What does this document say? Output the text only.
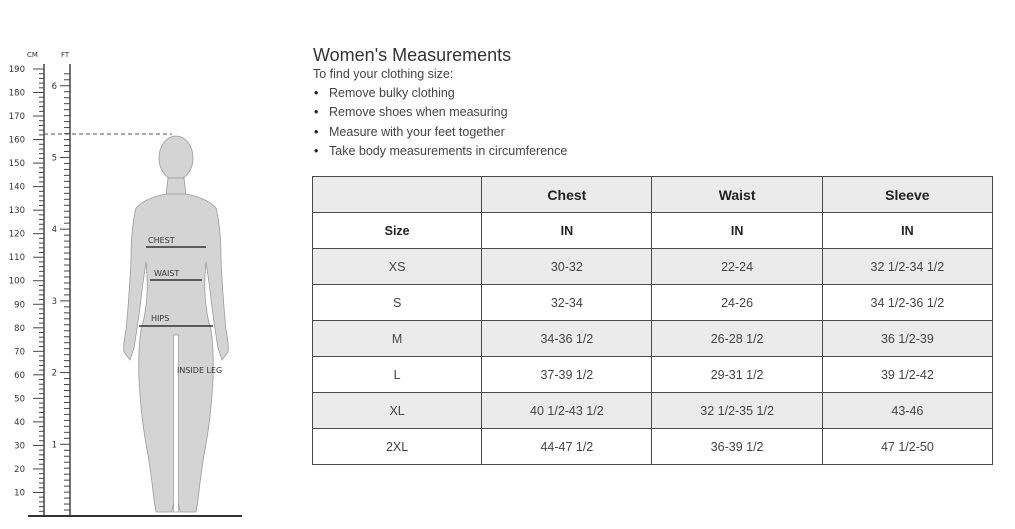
CM	FT
190
180
170
160
150
140
130
120
110
100
90
80
70
60
50
40
30
20
10
6
5
4
3
2
1
CHEST
WAIST
HIPS
INSIDE LEG
Women's Measurements

To find your clothing size:

• Remove bulky clothing
• Remove shoes when measuring
• Measure with your feet together
• Take body measurements in circumference
	Chest	Waist	Sleeve
Size	IN	IN	IN
XS	30-32	22-24	32 1/2-34 1/2
S	32-34	24-26	34 1/2-36 1/2
M	34-36 1/2	26-28 1/2	36 1/2-39
L	37-39 1/2	29-31 1/2	39 1/2-42
XL	40 1/2-43 1/2	32 1/2-35 1/2	43-46
2XL	44-47 1/2	36-39 1/2	47 1/2-50
